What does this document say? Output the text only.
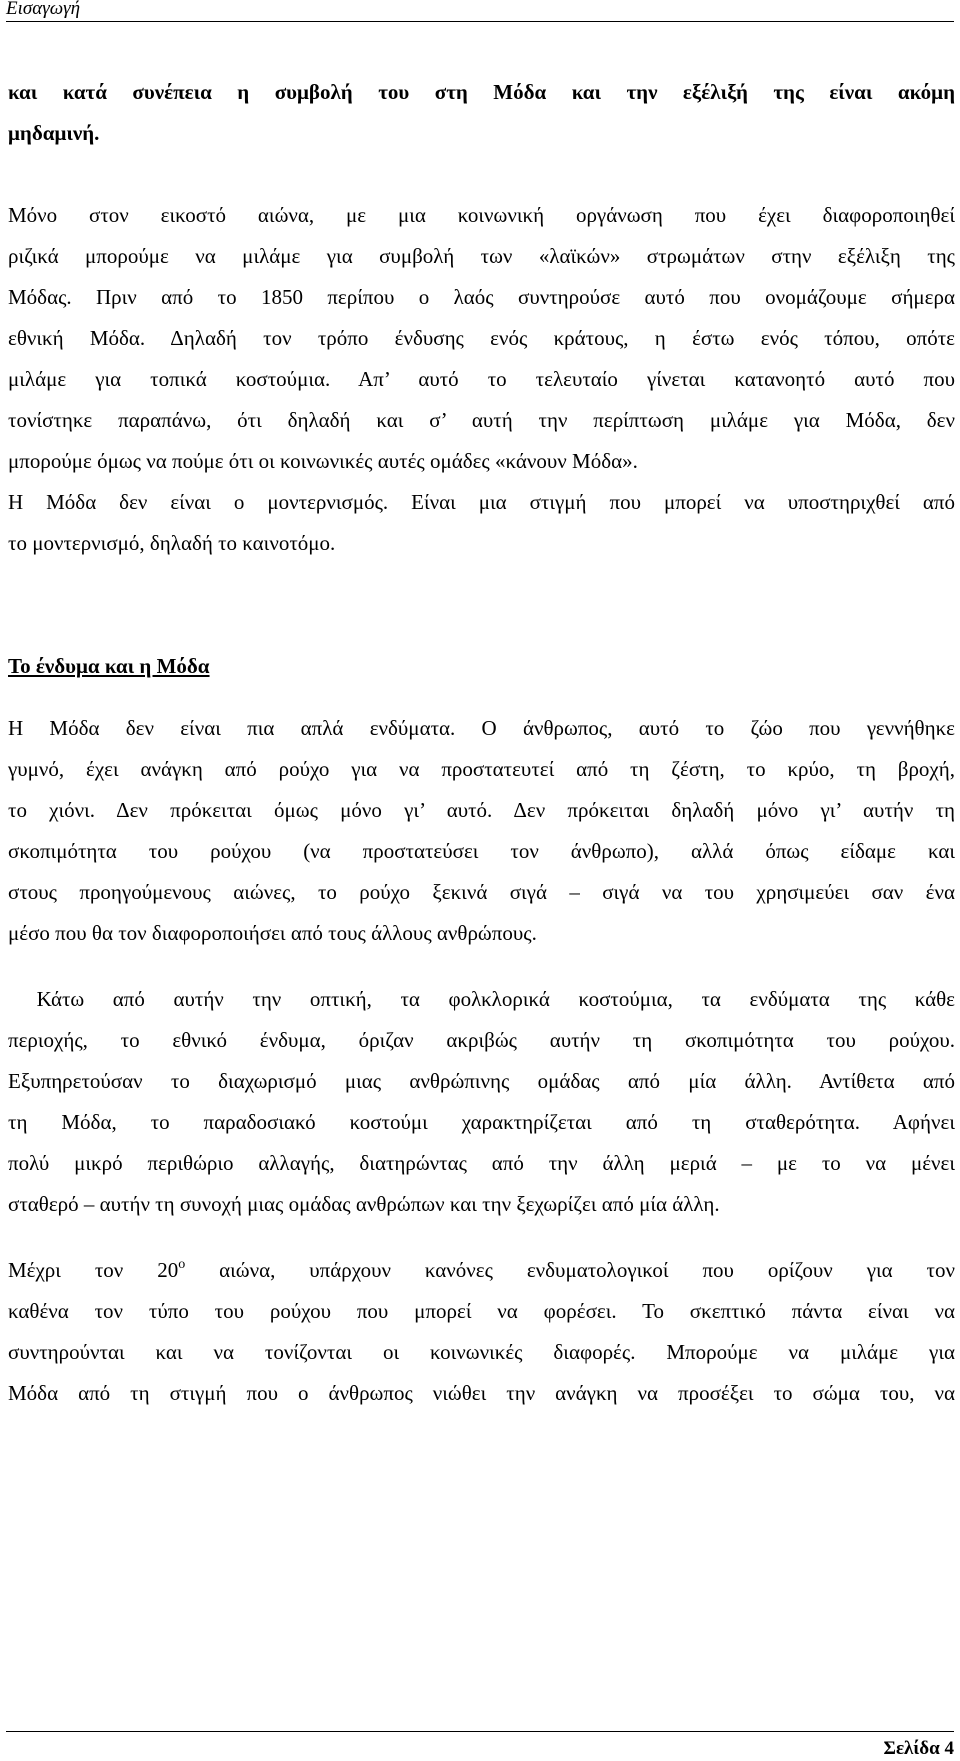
Εισαγωγή
και κατά συνέπεια η συμβολή του στη Μόδα και την εξέλιξή της είναι ακόμη
μηδαμινή.
Μόνο στον εικοστό αιώνα, με μια κοινωνική οργάνωση που έχει διαφοροποιηθεί
ριζικά μπορούμε να μιλάμε για συμβολή των «λαϊκών» στρωμάτων στην εξέλιξη της
Μόδας. Πριν από το 1850 περίπου ο λαός συντηρούσε αυτό που ονομάζουμε σήμερα
εθνική Μόδα. Δηλαδή τον τρόπο ένδυσης ενός κράτους, η έστω ενός τόπου, οπότε
μιλάμε για τοπικά κοστούμια. Απ’ αυτό το τελευταίο γίνεται κατανοητό αυτό που
τονίστηκε παραπάνω, ότι δηλαδή και σ’ αυτή την περίπτωση μιλάμε για Μόδα, δεν
μπορούμε όμως να πούμε ότι οι κοινωνικές αυτές ομάδες «κάνουν Μόδα».
Η Μόδα δεν είναι ο μοντερνισμός. Είναι μια στιγμή που μπορεί να υποστηριχθεί από
το μοντερνισμό, δηλαδή το καινοτόμο.
Το ένδυμα και η Μόδα
Η Μόδα δεν είναι πια απλά ενδύματα. Ο άνθρωπος, αυτό το ζώο που γεννήθηκε
γυμνό, έχει ανάγκη από ρούχο για να προστατευτεί από τη ζέστη, το κρύο, τη βροχή,
το χιόνι. Δεν πρόκειται όμως μόνο γι’ αυτό. Δεν πρόκειται δηλαδή μόνο γι’ αυτήν τη
σκοπιμότητα του ρούχου (να προστατεύσει τον άνθρωπο), αλλά όπως είδαμε και
στους προηγούμενους αιώνες, το ρούχο ξεκινά σιγά – σιγά να του χρησιμεύει σαν ένα
μέσο που θα τον διαφοροποιήσει από τους άλλους ανθρώπους.
Κάτω από αυτήν την οπτική, τα φολκλορικά κοστούμια, τα ενδύματα της κάθε
περιοχής, το εθνικό ένδυμα, όριζαν ακριβώς αυτήν τη σκοπιμότητα του ρούχου.
Εξυπηρετούσαν το διαχωρισμό μιας ανθρώπινης ομάδας από μία άλλη. Αντίθετα από
τη Μόδα, το παραδοσιακό κοστούμι χαρακτηρίζεται από τη σταθερότητα. Αφήνει
πολύ μικρό περιθώριο αλλαγής, διατηρώντας από την άλλη μεριά – με το να μένει
σταθερό – αυτήν τη συνοχή μιας ομάδας ανθρώπων και την ξεχωρίζει από μία άλλη.
Μέχρι τον $20^o$ αιώνα, υπάρχουν κανόνες ενδυματολογικοί που ορίζουν για τον
καθένα τον τύπο του ρούχου που μπορεί να φορέσει. Το σκεπτικό πάντα είναι να
συντηρούνται και να τονίζονται οι κοινωνικές διαφορές. Μπορούμε να μιλάμε για
Μόδα από τη στιγμή που ο άνθρωπος νιώθει την ανάγκη να προσέξει το σώμα του, να
Σελίδα 4
